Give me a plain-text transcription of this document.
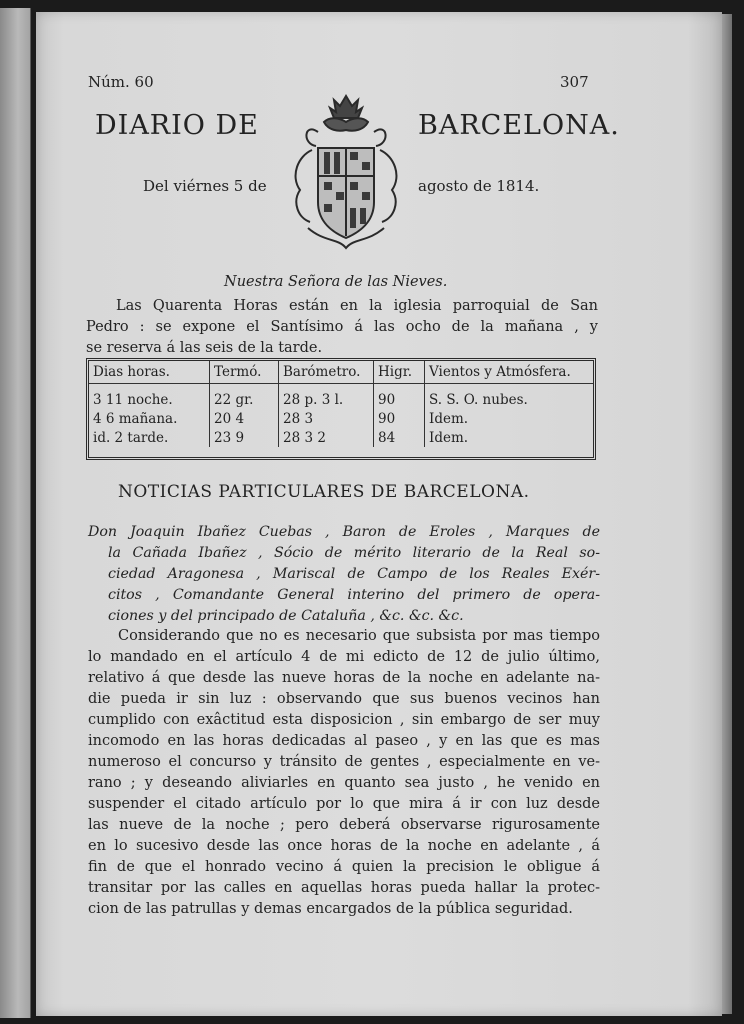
Núm. 60	307
DIARIO DE	BARCELONA.
Del viérnes 5 de	agosto de 1814.
Nuestra Señora de las Nieves.
Las Quarenta Horas están en la iglesia parroquial de San
Pedro : se expone el Santísimo á las ocho de la mañana , y
se reserva á las seis de la tarde.
Dias horas.	Termó.	Barómetro.	Higr.	Vientos y Atmósfera.
3 11 noche.	22 gr.	28 p. 3 l.	90	S. S. O. nubes.
4 6 mañana.	20 4	28 3	90	Idem.
id. 2 tarde.	23 9	28 3 2	84	Idem.
NOTICIAS PARTICULARES DE BARCELONA.
Don Joaquin Ibañez Cuebas , Baron de Eroles , Marques de
la Cañada Ibañez , Sócio de mérito literario de la Real so-
ciedad Aragonesa , Mariscal de Campo de los Reales Exér-
citos , Comandante General interino del primero de opera-
ciones y del principado de Cataluña , &c. &c. &c.
Considerando que no es necesario que subsista por mas tiempo
lo mandado en el artículo 4 de mi edicto de 12 de julio último,
relativo á que desde las nueve horas de la noche en adelante na-
die pueda ir sin luz : observando que sus buenos vecinos han
cumplido con exâctitud esta disposicion , sin embargo de ser muy
incomodo en las horas dedicadas al paseo , y en las que es mas
numeroso el concurso y tránsito de gentes , especialmente en ve-
rano ; y deseando aliviarles en quanto sea justo , he venido en
suspender el citado artículo por lo que mira á ir con luz desde
las nueve de la noche ; pero deberá observarse rigurosamente
en lo sucesivo desde las once horas de la noche en adelante , á
fin de que el honrado vecino á quien la precision le obligue á
transitar por las calles en aquellas horas pueda hallar la protec-
cion de las patrullas y demas encargados de la pública seguridad.
